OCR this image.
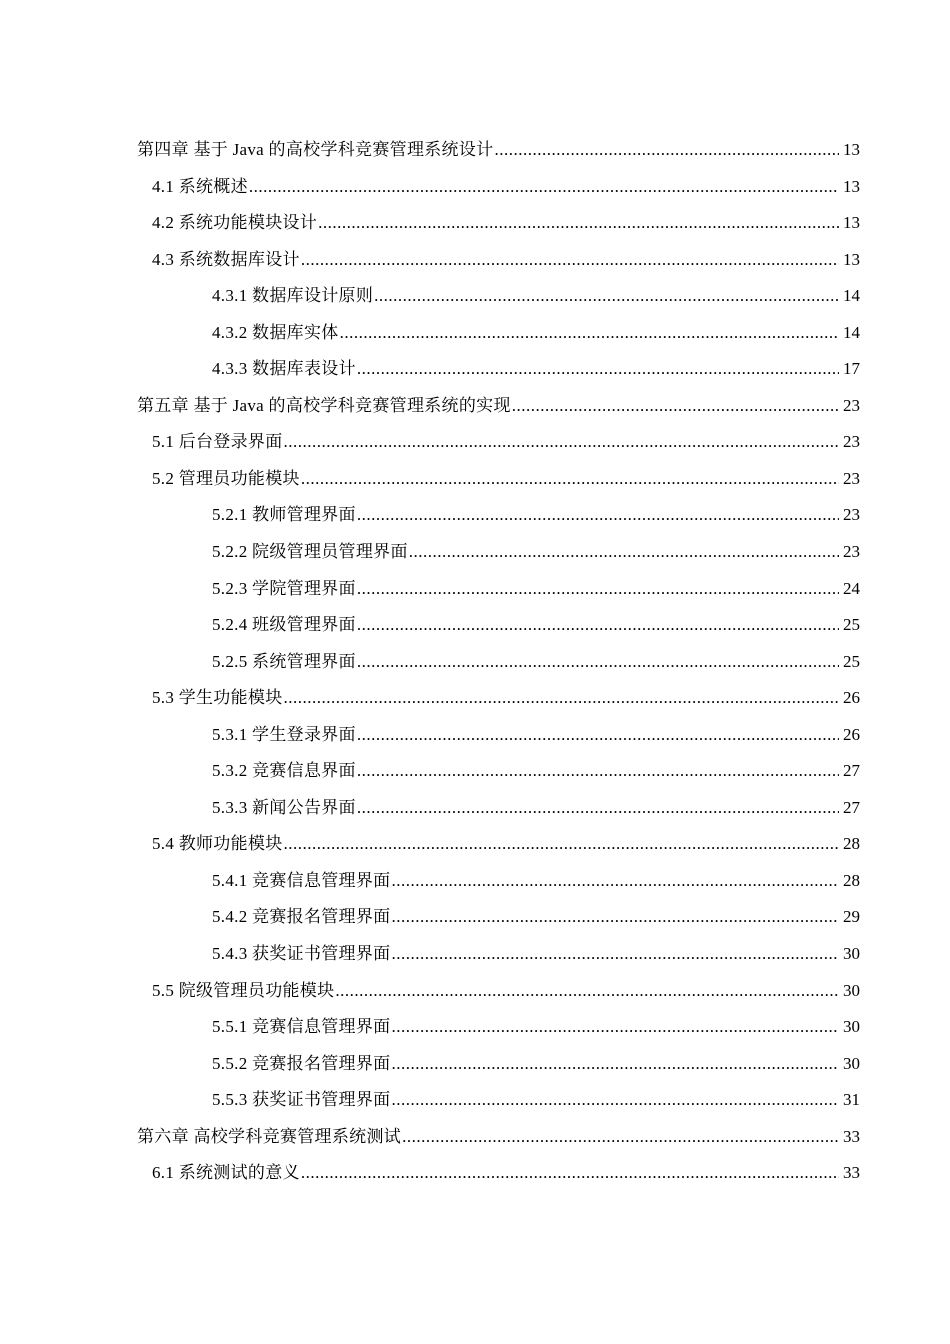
第四章 基于 Java 的高校学科竞赛管理系统设计 .....	13
4.1 系统概述 .....	13
4.2 系统功能模块设计 .....	13
4.3 系统数据库设计 .....	13
4.3.1 数据库设计原则 .....	14
4.3.2 数据库实体 .....	14
4.3.3 数据库表设计 .....	17
第五章 基于 Java 的高校学科竞赛管理系统的实现 .....	23
5.1 后台登录界面 .....	23
5.2 管理员功能模块 .....	23
5.2.1 教师管理界面 .....	23
5.2.2 院级管理员管理界面 .....	23
5.2.3 学院管理界面 .....	24
5.2.4 班级管理界面 .....	25
5.2.5 系统管理界面 .....	25
5.3 学生功能模块 .....	26
5.3.1 学生登录界面 .....	26
5.3.2 竞赛信息界面 .....	27
5.3.3 新闻公告界面 .....	27
5.4 教师功能模块 .....	28
5.4.1 竞赛信息管理界面 .....	28
5.4.2 竞赛报名管理界面 .....	29
5.4.3 获奖证书管理界面 .....	30
5.5 院级管理员功能模块 .....	30
5.5.1 竞赛信息管理界面 .....	30
5.5.2 竞赛报名管理界面 .....	30
5.5.3 获奖证书管理界面 .....	31
第六章 高校学科竞赛管理系统测试 .....	33
6.1 系统测试的意义 .....	33
